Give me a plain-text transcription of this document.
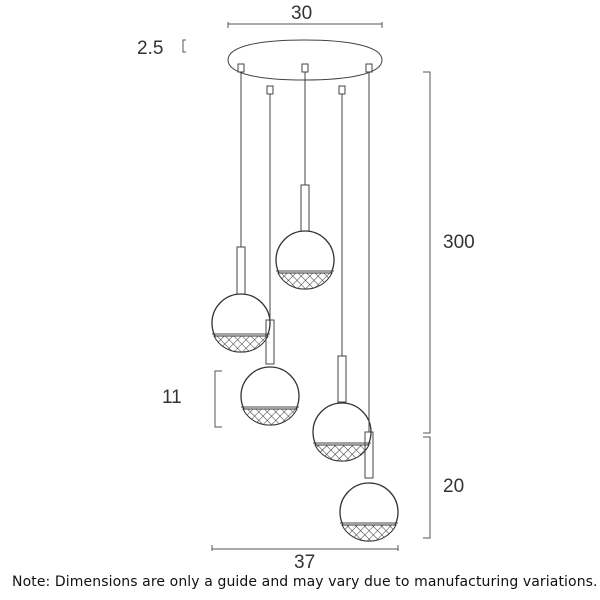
30
2.5
300
11
20
37
Note: Dimensions are only a guide and may vary due to manufacturing variations.
